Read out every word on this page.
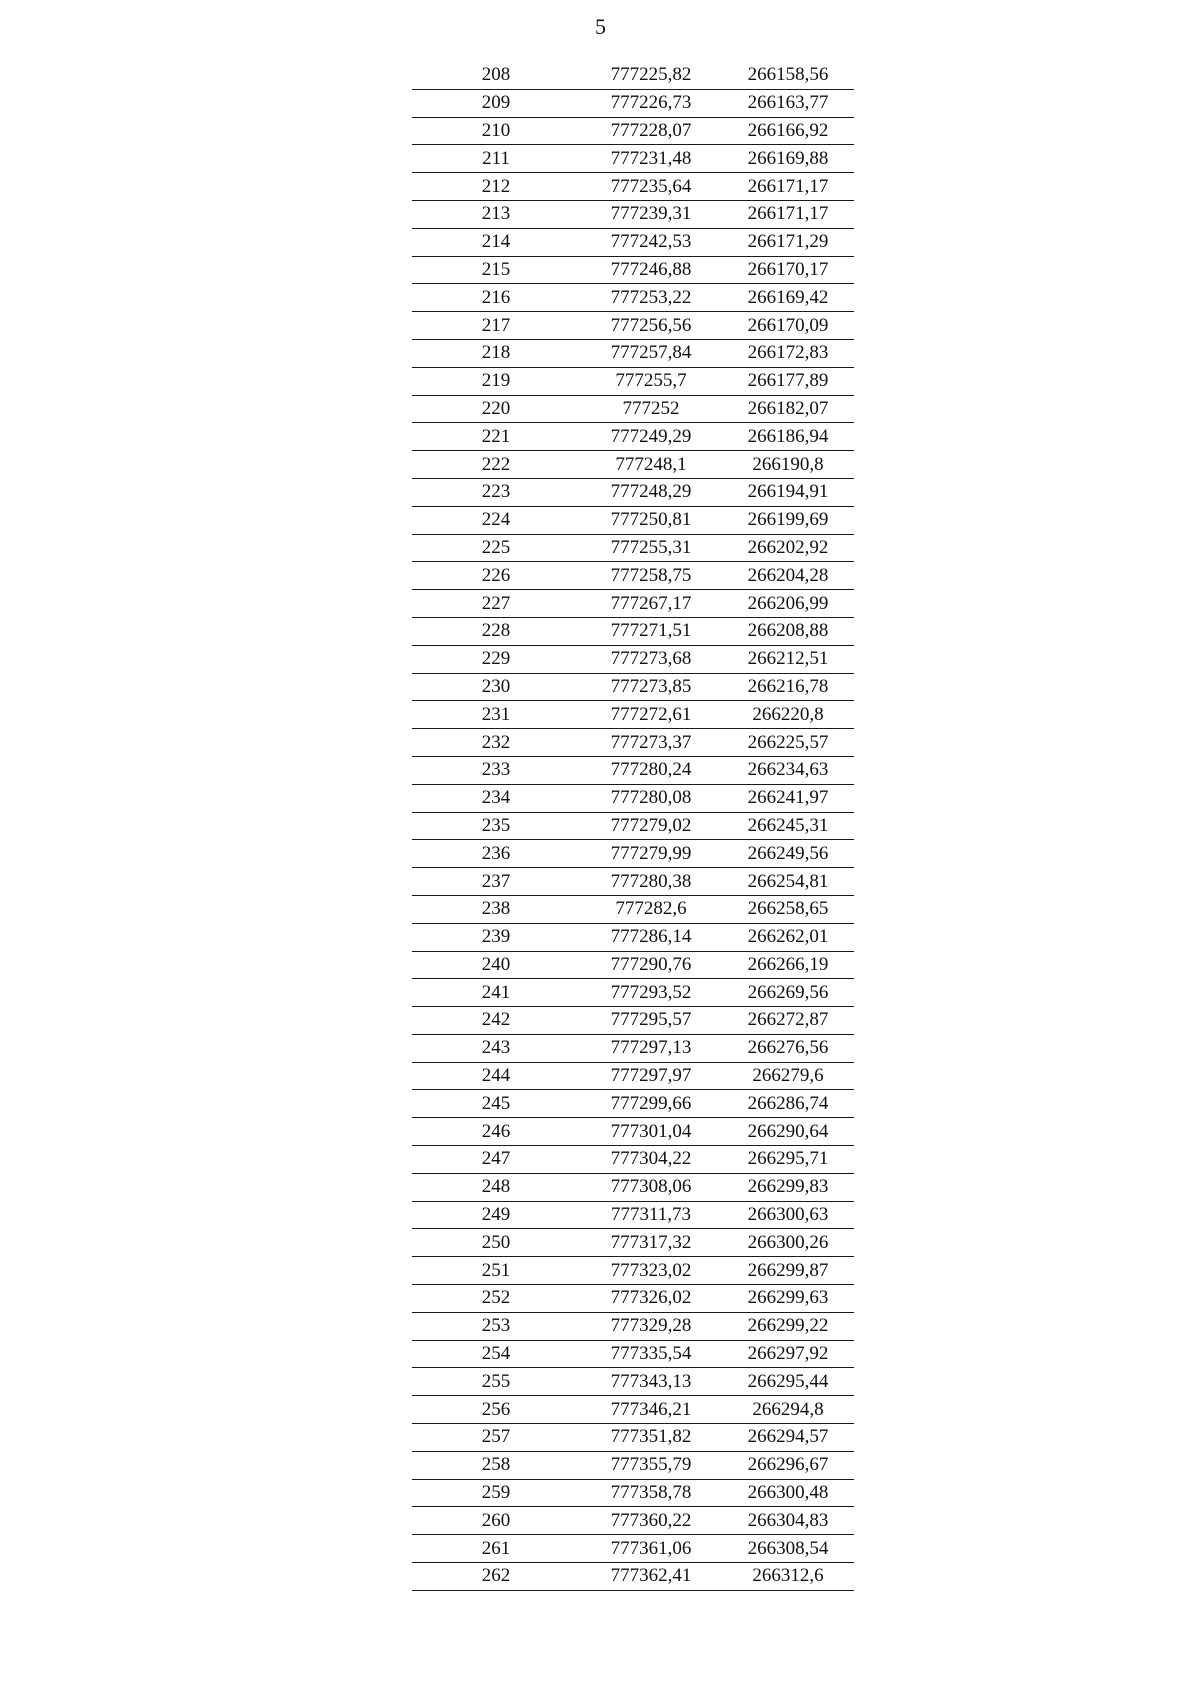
5
208	777225,82	266158,56
209	777226,73	266163,77
210	777228,07	266166,92
211	777231,48	266169,88
212	777235,64	266171,17
213	777239,31	266171,17
214	777242,53	266171,29
215	777246,88	266170,17
216	777253,22	266169,42
217	777256,56	266170,09
218	777257,84	266172,83
219	777255,7	266177,89
220	777252	266182,07
221	777249,29	266186,94
222	777248,1	266190,8
223	777248,29	266194,91
224	777250,81	266199,69
225	777255,31	266202,92
226	777258,75	266204,28
227	777267,17	266206,99
228	777271,51	266208,88
229	777273,68	266212,51
230	777273,85	266216,78
231	777272,61	266220,8
232	777273,37	266225,57
233	777280,24	266234,63
234	777280,08	266241,97
235	777279,02	266245,31
236	777279,99	266249,56
237	777280,38	266254,81
238	777282,6	266258,65
239	777286,14	266262,01
240	777290,76	266266,19
241	777293,52	266269,56
242	777295,57	266272,87
243	777297,13	266276,56
244	777297,97	266279,6
245	777299,66	266286,74
246	777301,04	266290,64
247	777304,22	266295,71
248	777308,06	266299,83
249	777311,73	266300,63
250	777317,32	266300,26
251	777323,02	266299,87
252	777326,02	266299,63
253	777329,28	266299,22
254	777335,54	266297,92
255	777343,13	266295,44
256	777346,21	266294,8
257	777351,82	266294,57
258	777355,79	266296,67
259	777358,78	266300,48
260	777360,22	266304,83
261	777361,06	266308,54
262	777362,41	266312,6
